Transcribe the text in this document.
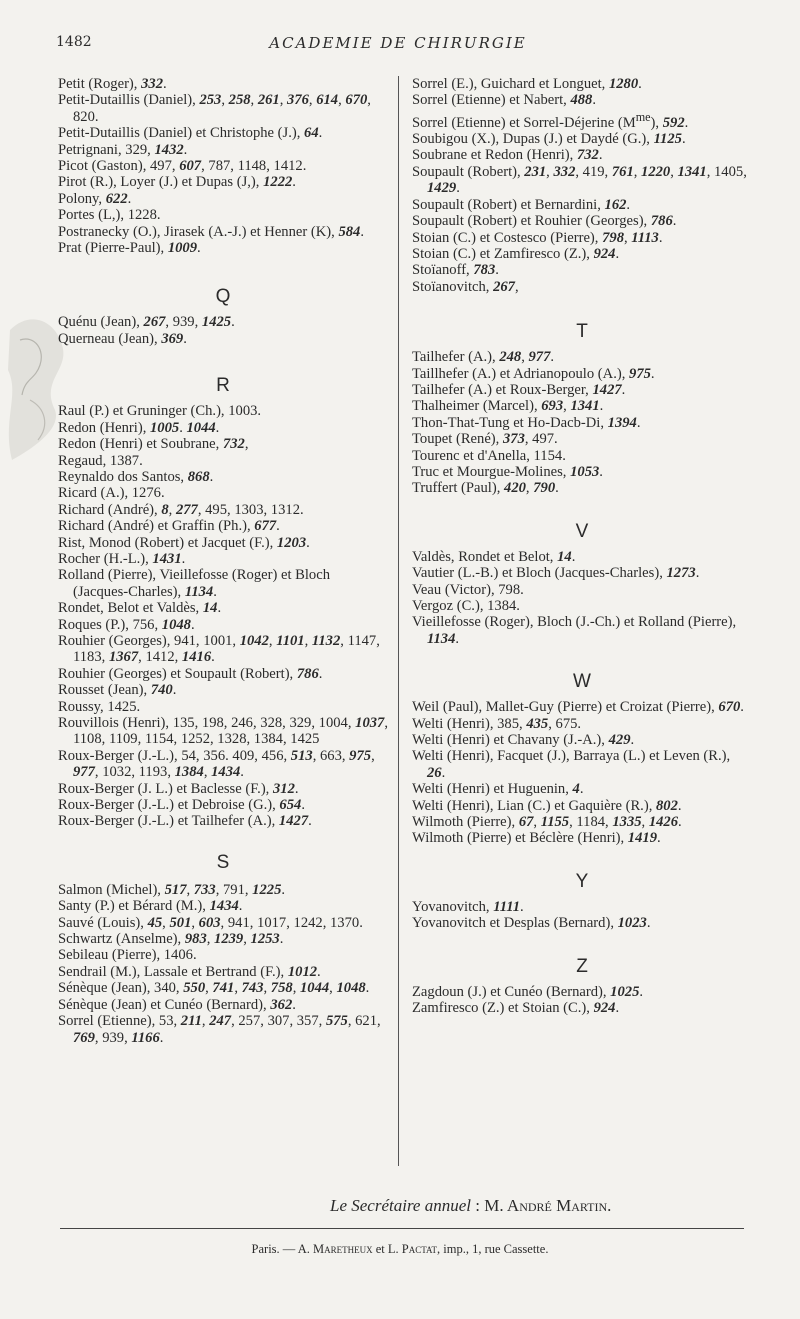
1482	ACADEMIE DE CHIRURGIE

Petit (Roger), 332.

Petit-Dutaillis (Daniel), 253, 258, 261, 376, 614, 670, 820.

Petit-Dutaillis (Daniel) et Christophe (J.), 64.

Petrignani, 329, 1432.

Picot (Gaston), 497, 607, 787, 1148, 1412.

Pirot (R.), Loyer (J.) et Dupas (J,), 1222.

Polony, 622.

Portes (L,), 1228.

Postranecky (O.), Jirasek (A.-J.) et Henner (K), 584.

Prat (Pierre-Paul), 1009.

Q

Quénu (Jean), 267, 939, 1425.

Querneau (Jean), 369.

R

Raul (P.) et Gruninger (Ch.), 1003.

Redon (Henri), 1005. 1044.

Redon (Henri) et Soubrane, 732,

Regaud, 1387.

Reynaldo dos Santos, 868.

Ricard (A.), 1276.

Richard (André), 8, 277, 495, 1303, 1312.

Richard (André) et Graffin (Ph.), 677.

Rist, Monod (Robert) et Jacquet (F.), 1203.

Rocher (H.-L.), 1431.

Rolland (Pierre), Vieillefosse (Roger) et Bloch (Jacques-Charles), 1134.

Rondet, Belot et Valdès, 14.

Roques (P.), 756, 1048.

Rouhier (Georges), 941, 1001, 1042, 1101, 1132, 1147, 1183, 1367, 1412, 1416.

Rouhier (Georges) et Soupault (Robert), 786.

Rousset (Jean), 740.

Roussy, 1425.

Rouvillois (Henri), 135, 198, 246, 328, 329, 1004, 1037, 1108, 1109, 1154, 1252, 1328, 1384, 1425

Roux-Berger (J.-L.), 54, 356. 409, 456, 513, 663, 975, 977, 1032, 1193, 1384, 1434.

Roux-Berger (J. L.) et Baclesse (F.), 312.

Roux-Berger (J.-L.) et Debroise (G.), 654.

Roux-Berger (J.-L.) et Tailhefer (A.), 1427.

S

Salmon (Michel), 517, 733, 791, 1225.

Santy (P.) et Bérard (M.), 1434.

Sauvé (Louis), 45, 501, 603, 941, 1017, 1242, 1370.

Schwartz (Anselme), 983, 1239, 1253.

Sebileau (Pierre), 1406.

Sendrail (M.), Lassale et Bertrand (F.), 1012.

Sénèque (Jean), 340, 550, 741, 743, 758, 1044, 1048.

Sénèque (Jean) et Cunéo (Bernard), 362.

Sorrel (Etienne), 53, 211, 247, 257, 307, 357, 575, 621, 769, 939, 1166.

Sorrel (E.), Guichard et Longuet, 1280.

Sorrel (Etienne) et Nabert, 488.

Sorrel (Etienne) et Sorrel-Déjerine $(M^{me})$, 592.

Soubigou (X.), Dupas (J.) et Daydé (G.), 1125.

Soubrane et Redon (Henri), 732.

Soupault (Robert), 231, 332, 419, 761, 1220, 1341, 1405, 1429.

Soupault (Robert) et Bernardini, 162.

Soupault (Robert) et Rouhier (Georges), 786.

Stoian (C.) et Costesco (Pierre), 798, 1113.

Stoian (C.) et Zamfiresco (Z.), 924.

Stoïanoff, 783.

Stoïanovitch, 267,

T

Tailhefer (A.), 248, 977.

Taillhefer (A.) et Adrianopoulo (A.), 975.

Tailhefer (A.) et Roux-Berger, 1427.

Thalheimer (Marcel), 693, 1341.

Thon-That-Tung et Ho-Dacb-Di, 1394.

Toupet (René), 373, 497.

Tourenc et d'Anella, 1154.

Truc et Mourgue-Molines, 1053.

Truffert (Paul), 420, 790.

V

Valdès, Rondet et Belot, 14.

Vautier (L.-B.) et Bloch (Jacques-Charles), 1273.

Veau (Victor), 798.

Vergoz (C.), 1384.

Vieillefosse (Roger), Bloch (J.-Ch.) et Rolland (Pierre), 1134.

W

Weil (Paul), Mallet-Guy (Pierre) et Croizat (Pierre), 670.

Welti (Henri), 385, 435, 675.

Welti (Henri) et Chavany (J.-A.), 429.

Welti (Henri), Facquet (J.), Barraya (L.) et Leven (R.), 26.

Welti (Henri) et Huguenin, 4.

Welti (Henri), Lian (C.) et Gaquière (R.), 802.

Wilmoth (Pierre), 67, 1155, 1184, 1335, 1426.

Wilmoth (Pierre) et Béclère (Henri), 1419.

Y

Yovanovitch, 1111.

Yovanovitch et Desplas (Bernard), 1023.

Z

Zagdoun (J.) et Cunéo (Bernard), 1025.

Zamfiresco (Z.) et Stoian (C.), 924.

Le Secrétaire annuel : M. André Martin.
Paris. — A. Maretheux et L. Pactat, imp., 1, rue Cassette.
